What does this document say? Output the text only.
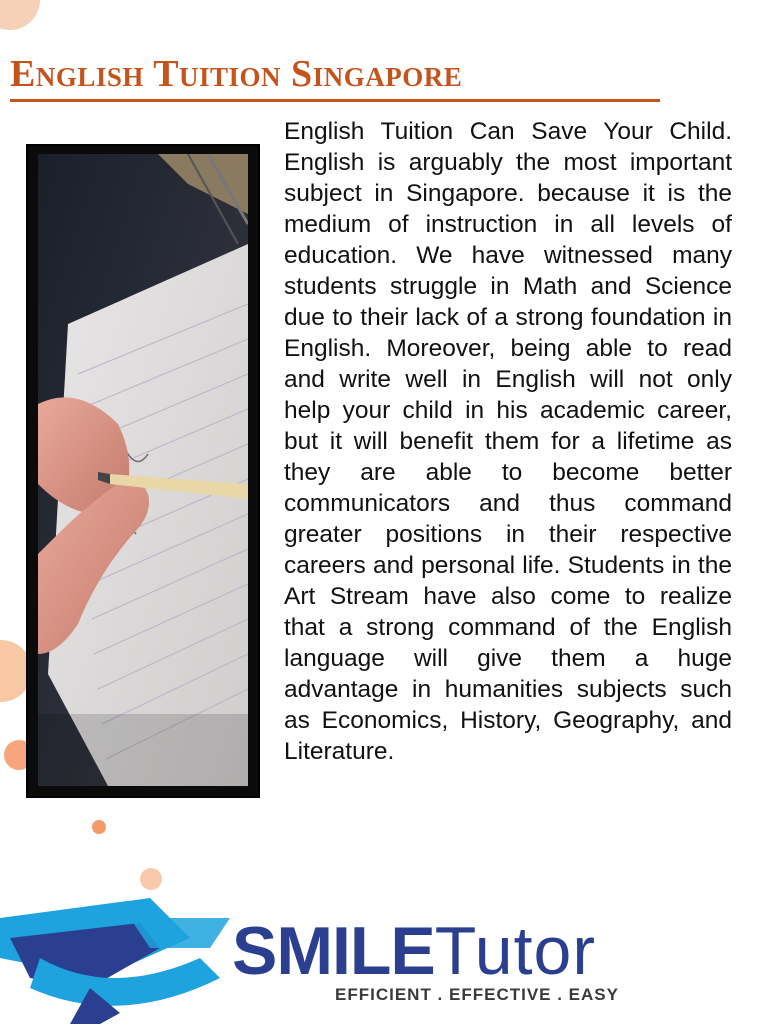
English Tuition Singapore
English Tuition Can Save Your Child. English is arguably the most important subject in Singapore. because it is the medium of instruction in all levels of education. We have witnessed many students struggle in Math and Science due to their lack of a strong foundation in English. Moreover, being able to read and write well in English will not only help your child in his academic career, but it will benefit them for a lifetime as they are able to become better communicators and thus command greater positions in their respective careers and personal life. Students in the Art Stream have also come to realize that a strong command of the English language will give them a huge advantage in humanities subjects such as Economics, History, Geography, and Literature.
SMILETutor
EFFICIENT . EFFECTIVE . EASY
